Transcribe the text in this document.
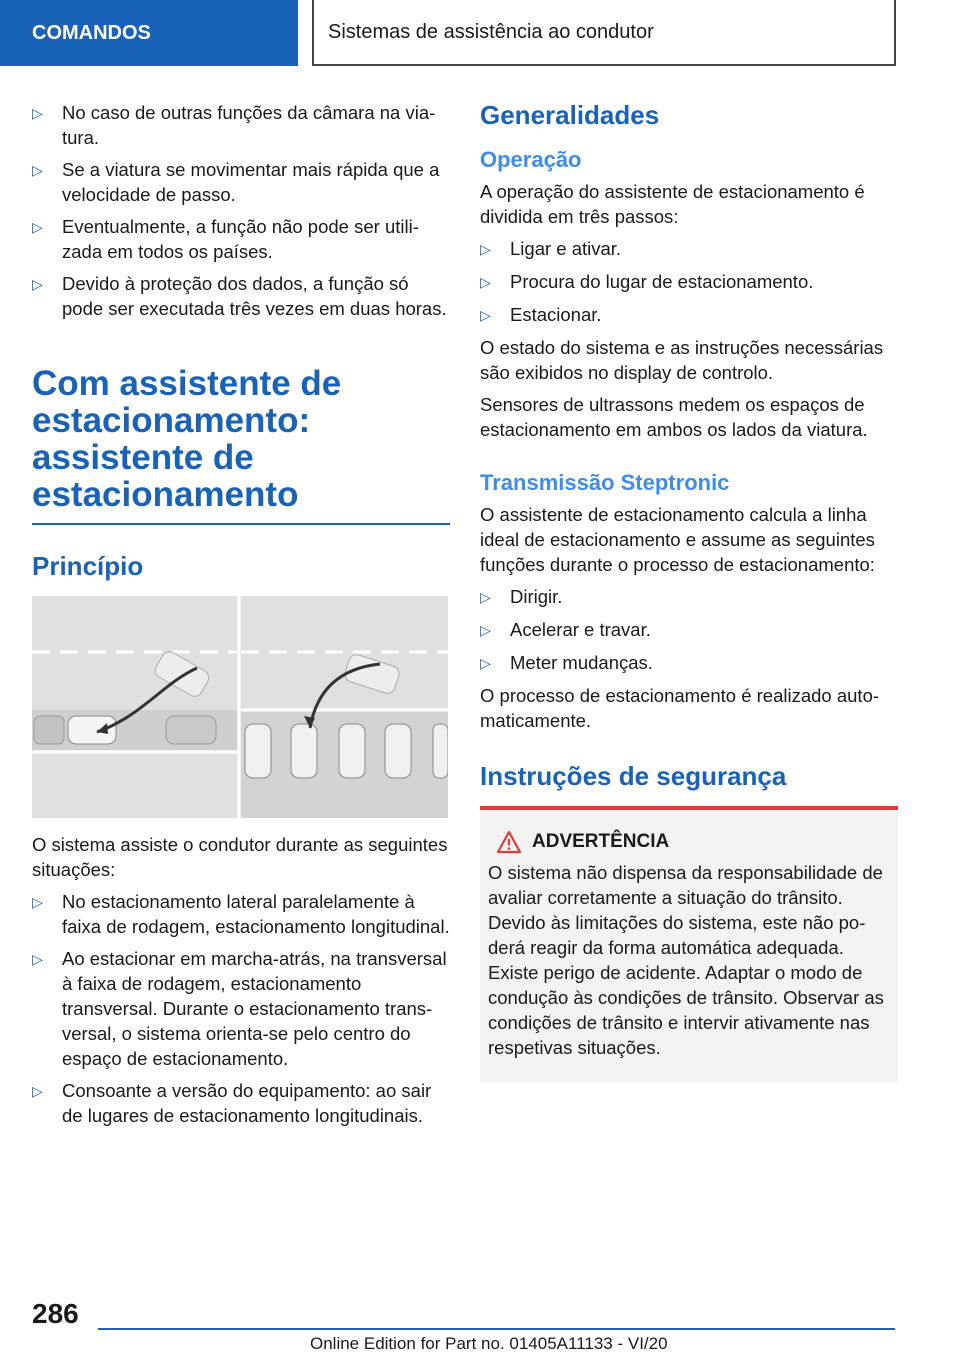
COMANDOS	Sistemas de assistência ao condutor
▷	No caso de outras funções da câmara na viatura.
▷	Se a viatura se movimentar mais rápida que a velocidade de passo.
▷	Eventualmente, a função não pode ser utilizada em todos os países.
▷	Devido à proteção dos dados, a função só pode ser executada três vezes em duas horas.
Com assistente de estacionamento: assistente de estacionamento
Princípio

O sistema assiste o condutor durante as seguintes situações:

▷	No estacionamento lateral paralelamente à faixa de rodagem, estacionamento longitudinal.
▷	Ao estacionar em marcha-atrás, na transversal à faixa de rodagem, estacionamento transversal. Durante o estacionamento transversal, o sistema orienta-se pelo centro do espaço de estacionamento.
▷	Consoante a versão do equipamento: ao sair de lugares de estacionamento longitudinais.
Generalidades
Operação

A operação do assistente de estacionamento é dividida em três passos:

▷	Ligar e ativar.
▷	Procura do lugar de estacionamento.
▷	Estacionar.

O estado do sistema e as instruções necessárias são exibidos no display de controlo.

Sensores de ultrassons medem os espaços de estacionamento em ambos os lados da viatura.

Transmissão Steptronic

O assistente de estacionamento calcula a linha ideal de estacionamento e assume as seguintes funções durante o processo de estacionamento:

▷	Dirigir.
▷	Acelerar e travar.
▷	Meter mudanças.

O processo de estacionamento é realizado automaticamente.

Instruções de segurança
ADVERTÊNCIA

O sistema não dispensa da responsabilidade de avaliar corretamente a situação do trânsito. Devido às limitações do sistema, este não poderá reagir da forma automática adequada. Existe perigo de acidente. Adaptar o modo de condução às condições de trânsito. Observar as condições de trânsito e intervir ativamente nas respetivas situações.

286
Online Edition for Part no. 01405A11133 - VI/20
